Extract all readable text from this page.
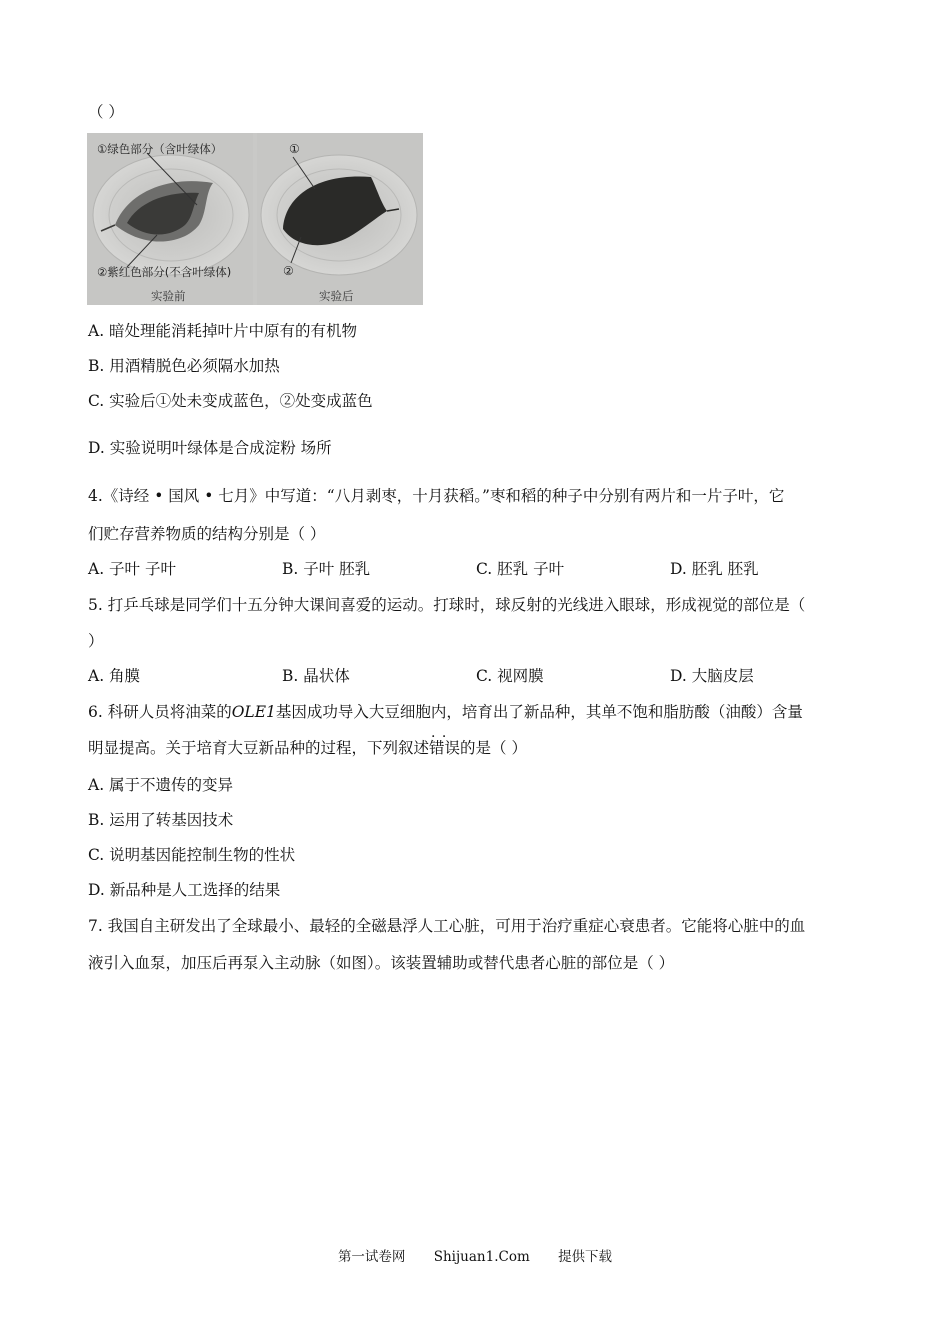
（ ）
①绿色部分（含叶绿体）
②紫红色部分(不含叶绿体)
①
②
实验前	实验后
A. 暗处理能消耗掉叶片中原有的有机物
B. 用酒精脱色必须隔水加热
C. 实验后①处未变成蓝色，②处变成蓝色
D. 实验说明叶绿体是合成淀粉 场所
4.《诗经 • 国风 • 七月》中写道：“八月剥枣，十月获稻。”枣和稻的种子中分别有两片和一片子叶，它
们贮存营养物质的结构分别是（ ）
A. 子叶 子叶	B. 子叶 胚乳	C. 胚乳 子叶	D. 胚乳 胚乳
5. 打乒乓球是同学们十五分钟大课间喜爱的运动。打球时，球反射的光线进入眼球，形成视觉的部位是（
）
A. 角膜	B. 晶状体	C. 视网膜	D. 大脑皮层
6. 科研人员将油菜的OLE1基因成功导入大豆细胞内，培育出了新品种，其单不饱和脂肪酸（油酸）含量
明显提高。关于培育大豆新品种的过程，下列叙述· · 错误的是（ ）
A. 属于不遗传的变异
B. 运用了转基因技术
C. 说明基因能控制生物的性状
D. 新品种是人工选择的结果
7. 我国自主研发出了全球最小、最轻的全磁悬浮人工心脏，可用于治疗重症心衰患者。它能将心脏中的血
液引入血泵，加压后再泵入主动脉（如图）。该装置辅助或替代患者心脏的部位是（ ）
第一试卷网 Shijuan1.Com 提供下载
